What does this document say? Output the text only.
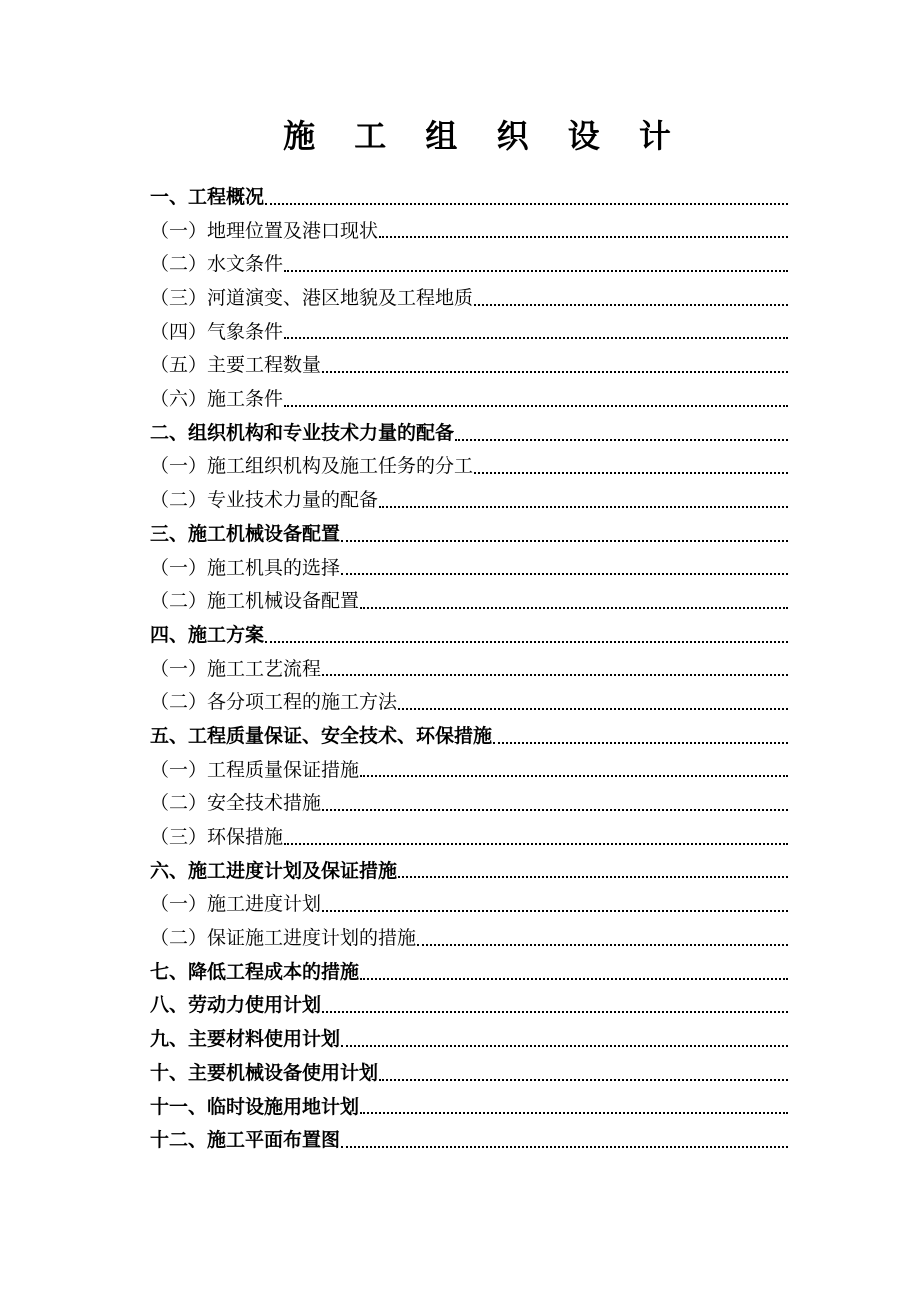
施 工 组 织 设 计
一、工程概况
（一）地理位置及港口现状
（二）水文条件
（三）河道演变、港区地貌及工程地质
（四）气象条件
（五）主要工程数量
（六）施工条件
二、组织机构和专业技术力量的配备
（一）施工组织机构及施工任务的分工
（二）专业技术力量的配备
三、施工机械设备配置
（一）施工机具的选择
（二）施工机械设备配置
四、施工方案
（一）施工工艺流程
（二）各分项工程的施工方法
五、工程质量保证、安全技术、环保措施
（一）工程质量保证措施
（二）安全技术措施
（三）环保措施
六、施工进度计划及保证措施
（一）施工进度计划
（二）保证施工进度计划的措施
七、降低工程成本的措施
八、劳动力使用计划
九、主要材料使用计划
十、主要机械设备使用计划
十一、临时设施用地计划
十二、施工平面布置图
